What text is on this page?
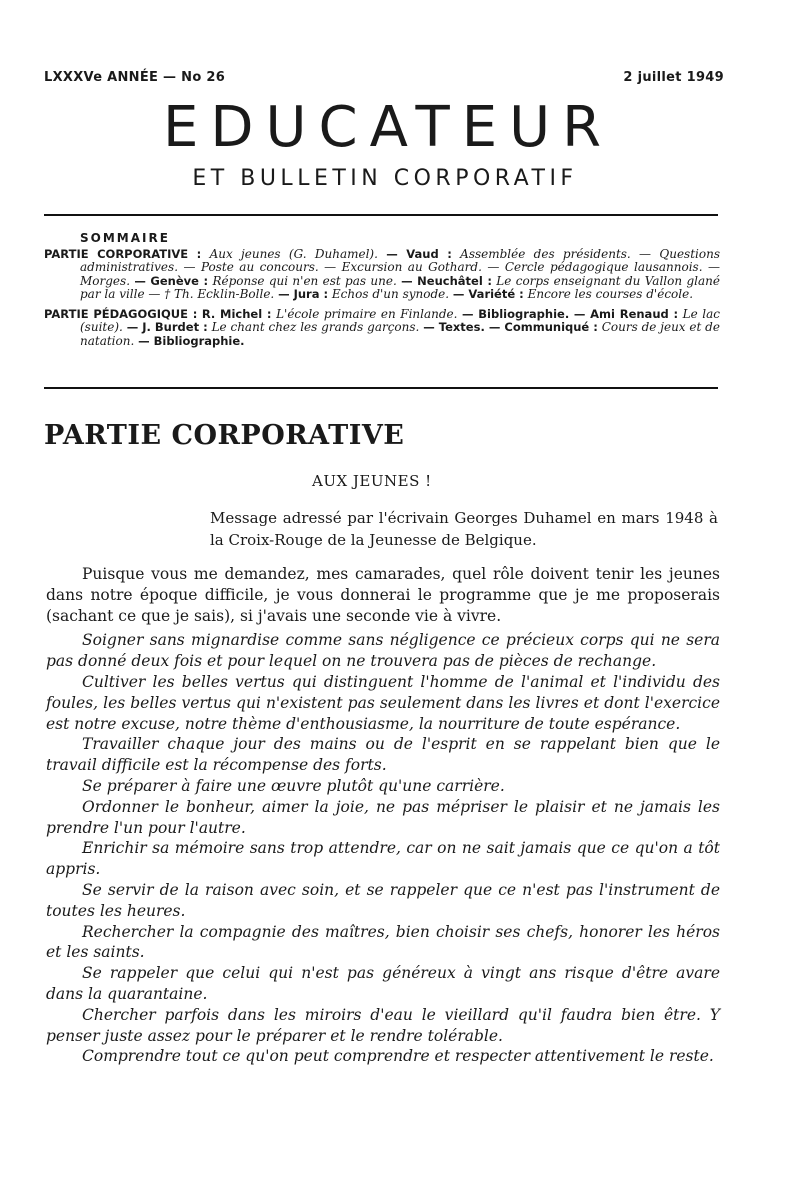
LXXXVe ANNÉE — No 26	2 juillet 1949
EDUCATEUR
ET BULLETIN CORPORATIF
SOMMAIRE

PARTIE CORPORATIVE : Aux jeunes (G. Duhamel). — Vaud : Assemblée des présidents. — Questions administratives. — Poste au concours. — Excursion au Gothard. — Cercle pédagogique lausannois. — Morges. — Genève : Réponse qui n'en est pas une. — Neuchâtel : Le corps enseignant du Vallon glané par la ville — † Th. Ecklin-Bolle. — Jura : Echos d'un synode. — Variété : Encore les courses d'école.

PARTIE PÉDAGOGIQUE : R. Michel : L'école primaire en Finlande. — Bibliographie. — Ami Renaud : Le lac (suite). — J. Burdet : Le chant chez les grands garçons. — Textes. — Communiqué : Cours de jeux et de natation. — Bibliographie.

PARTIE CORPORATIVE
AUX JEUNES !
Message adressé par l'écrivain Georges Duhamel en mars 1948 à la Croix-Rouge de la Jeunesse de Belgique.

Puisque vous me demandez, mes camarades, quel rôle doivent tenir les jeunes dans notre époque difficile, je vous donnerai le programme que je me proposerais (sachant ce que je sais), si j'avais une seconde vie à vivre.

Soigner sans mignardise comme sans négligence ce précieux corps qui ne sera pas donné deux fois et pour lequel on ne trouvera pas de pièces de rechange.

Cultiver les belles vertus qui distinguent l'homme de l'animal et l'individu des foules, les belles vertus qui n'existent pas seulement dans les livres et dont l'exercice est notre excuse, notre thème d'enthousiasme, la nourriture de toute espérance.

Travailler chaque jour des mains ou de l'esprit en se rappelant bien que le travail difficile est la récompense des forts.

Se préparer à faire une œuvre plutôt qu'une carrière.

Ordonner le bonheur, aimer la joie, ne pas mépriser le plaisir et ne jamais les prendre l'un pour l'autre.

Enrichir sa mémoire sans trop attendre, car on ne sait jamais que ce qu'on a tôt appris.

Se servir de la raison avec soin, et se rappeler que ce n'est pas l'instrument de toutes les heures.

Rechercher la compagnie des maîtres, bien choisir ses chefs, honorer les héros et les saints.

Se rappeler que celui qui n'est pas généreux à vingt ans risque d'être avare dans la quarantaine.

Chercher parfois dans les miroirs d'eau le vieillard qu'il faudra bien être. Y penser juste assez pour le préparer et le rendre tolérable.

Comprendre tout ce qu'on peut comprendre et respecter attentivement le reste.
